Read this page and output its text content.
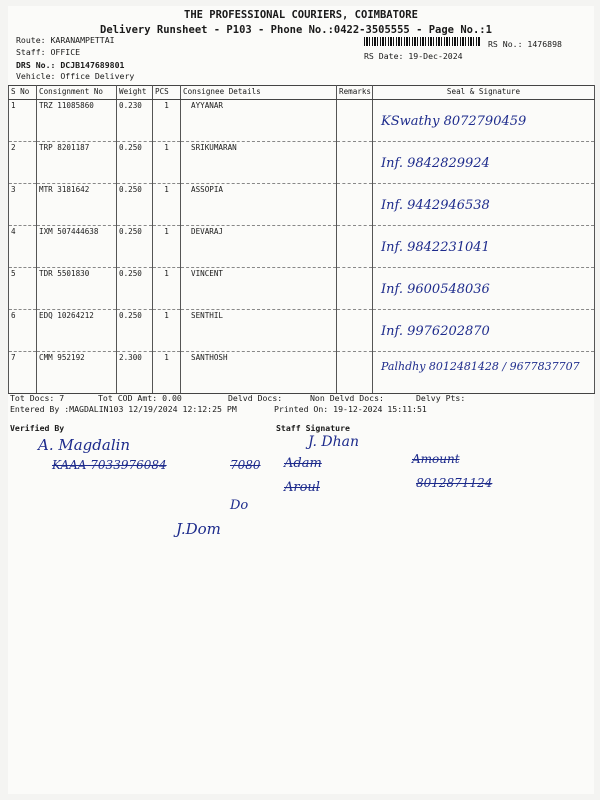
THE PROFESSIONAL COURIERS, COIMBATORE
Delivery Runsheet - P103 - Phone No.:0422-3505555 - Page No.:1
Route: KARANAMPETTAI
Staff: OFFICE
DRS No.: DCJB147689801
Vehicle: Office Delivery
RS No.: 1476898
RS Date: 19-Dec-2024
S No	Consignment No	Weight	PCS	Consignee Details	Remarks	Seal & Signature
1	TRZ 11085860	0.230	1	AYYANAR		KSwathy 8072790459

2	TRP 8201187	0.250	1	SRIKUMARAN		Inf. 9842829924

3	MTR 3181642	0.250	1	ASSOPIA		Inf. 9442946538

4	IXM 507444638	0.250	1	DEVARAJ		Inf. 9842231041

5	TDR 5501830	0.250	1	VINCENT		Inf. 9600548036

6	EDQ 10264212	0.250	1	SENTHIL		Inf. 9976202870

7	CMM 952192	2.300	1	SANTHOSH		Palhdhy 8012481428 / 9677837707
Tot Docs: 7	Tot COD Amt: 0.00	Delvd Docs:	Non Delvd Docs:	Delvy Pts:
Entered By :MAGDALIN103 12/19/2024 12:12:25 PM	Printed On: 19-12-2024 15:11:51
Verified By	Staff Signature
A. Magdalin	J. Dhan
KAAA 7033976084	7080 Adam
Aroul
Amount
8012871124
Do
J.Dom
